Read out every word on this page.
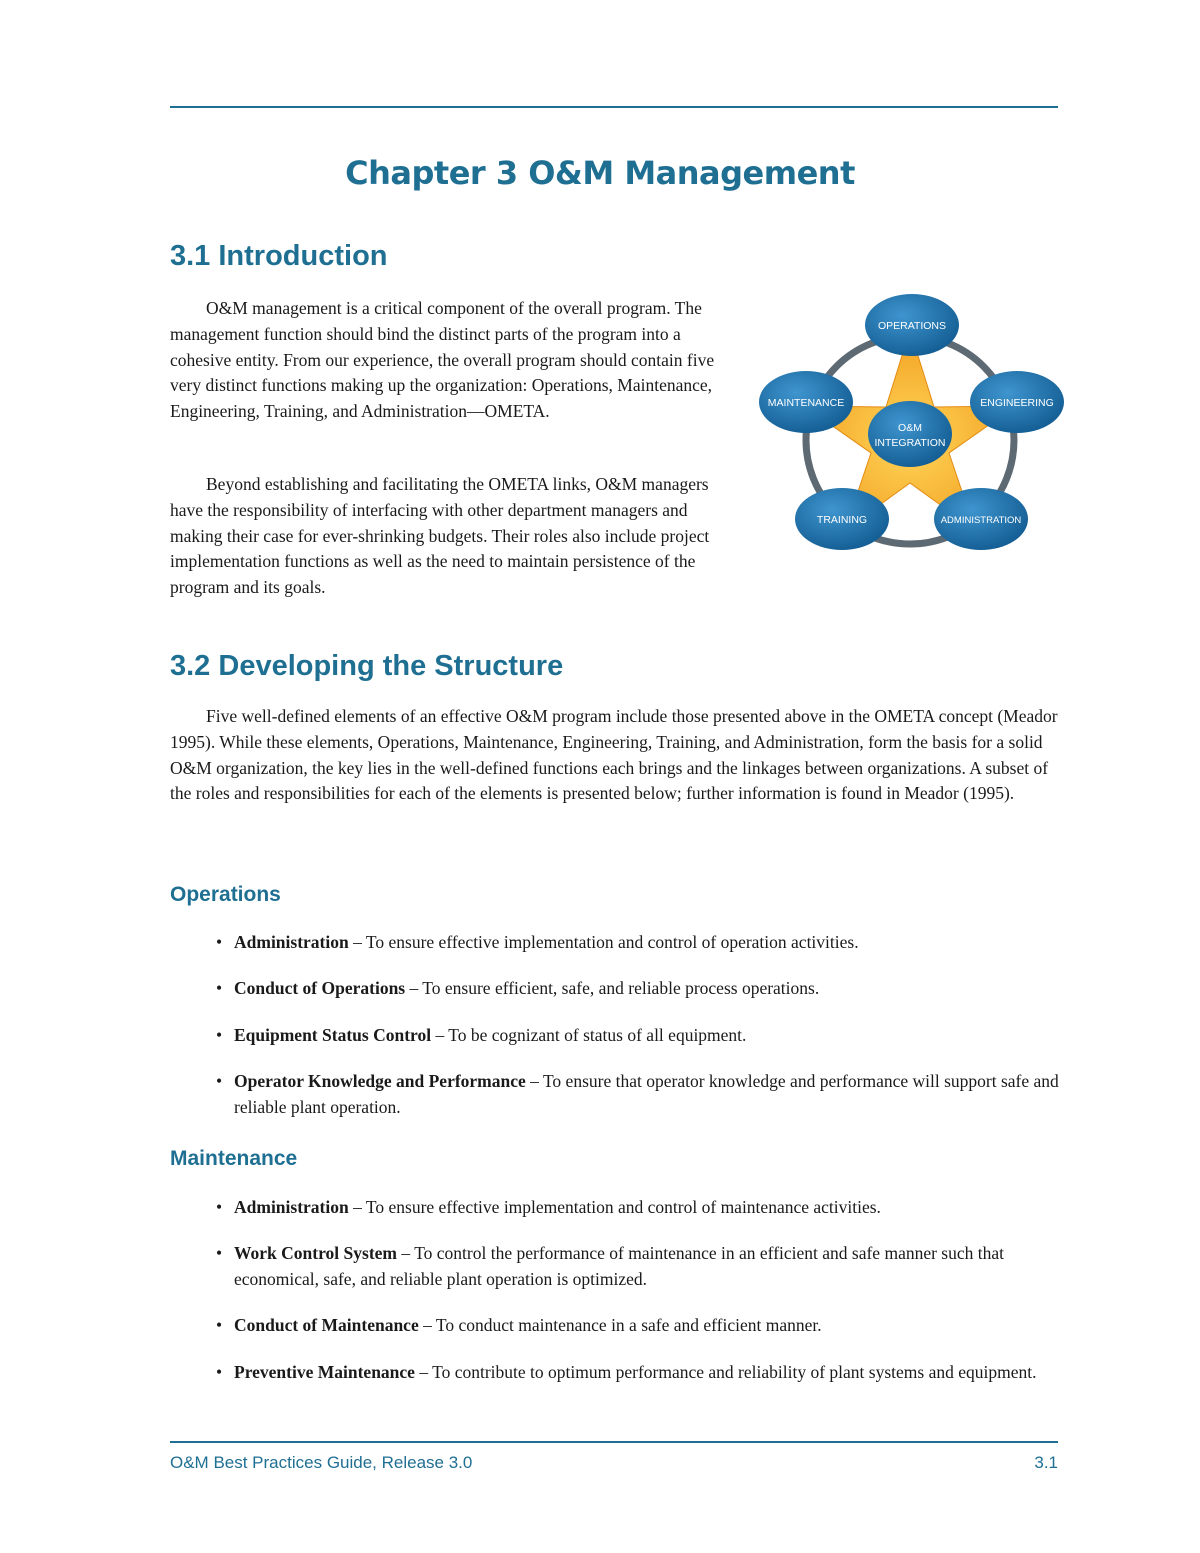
Chapter 3 O&M Management
3.1 Introduction

O&M management is a critical component of the overall program. The management function should bind the distinct parts of the program into a cohesive entity. From our experience, the overall program should contain five very distinct functions making up the organization: Operations, Maintenance, Engineering, Training, and Administration—OMETA.

Beyond establishing and facilitating the OMETA links, O&M managers have the responsibility of interfacing with other department managers and making their case for ever-shrinking budgets. Their roles also include project implementation functions as well as the need to maintain persistence of the program and its goals.

O&M
INTEGRATION
OPERATIONS
ENGINEERING
ADMINISTRATION
TRAINING
MAINTENANCE
3.2 Developing the Structure

Five well-defined elements of an effective O&M program include those presented above in the OMETA concept (Meador 1995). While these elements, Operations, Maintenance, Engineering, Training, and Administration, form the basis for a solid O&M organization, the key lies in the well-defined functions each brings and the linkages between organizations. A subset of the roles and responsibilities for each of the elements is presented below; further information is found in Meador (1995).

Operations
• Administration – To ensure effective implementation and control of operation activities.
• Conduct of Operations – To ensure efficient, safe, and reliable process operations.
• Equipment Status Control – To be cognizant of status of all equipment.
• Operator Knowledge and Performance – To ensure that operator knowledge and performance will support safe and reliable plant operation.
Maintenance
• Administration – To ensure effective implementation and control of maintenance activities.
• Work Control System – To control the performance of maintenance in an efficient and safe manner such that economical, safe, and reliable plant operation is optimized.
• Conduct of Maintenance – To conduct maintenance in a safe and efficient manner.
• Preventive Maintenance – To contribute to optimum performance and reliability of plant systems and equipment.
O&M Best Practices Guide, Release 3.0	3.1
